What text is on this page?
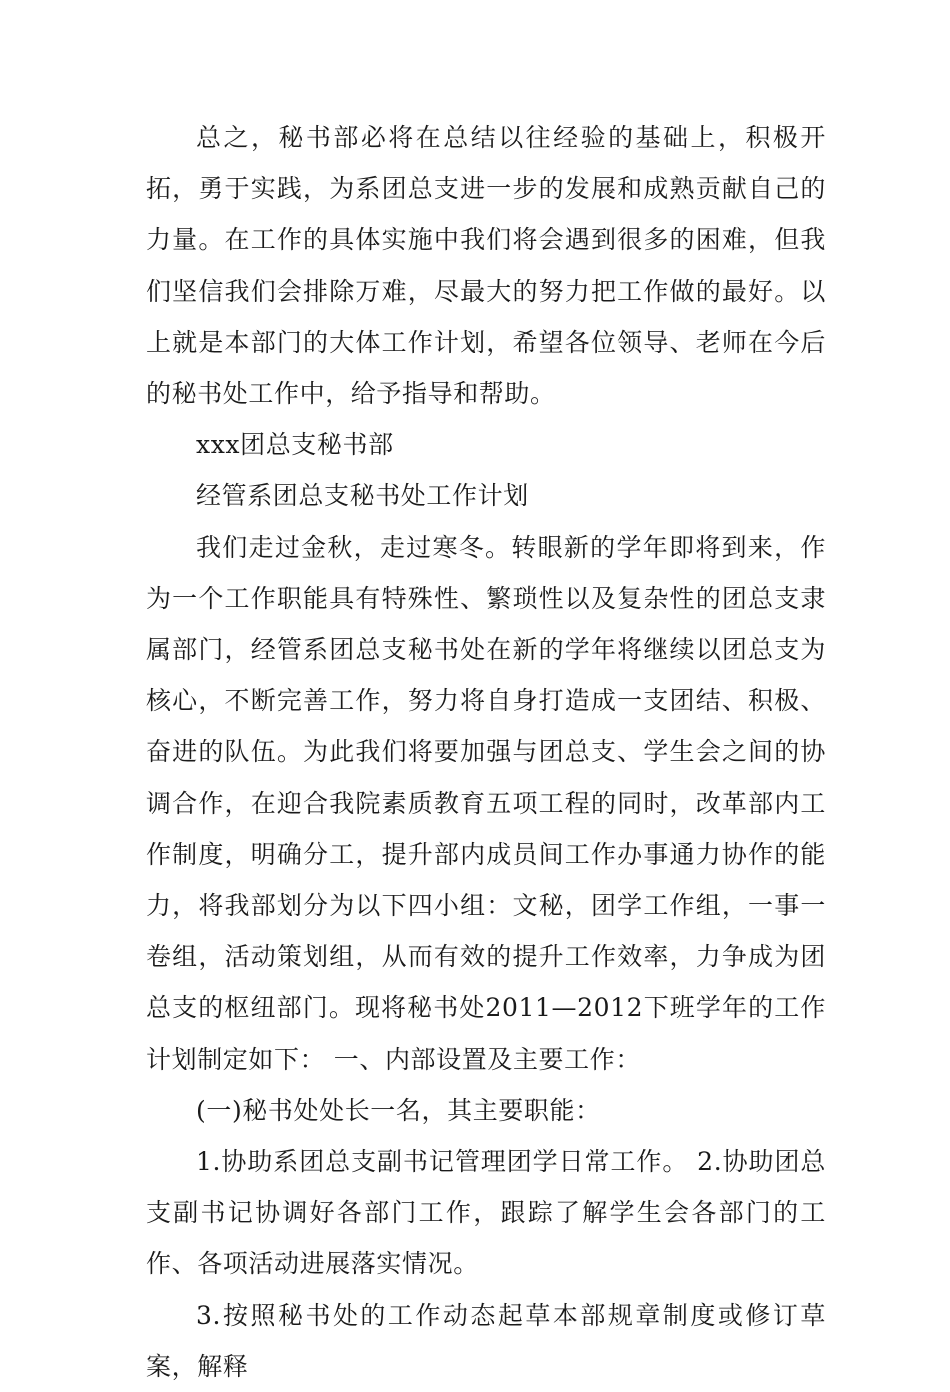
总之，秘书部必将在总结以往经验的基础上，积极开拓，勇于实践，为系团总支进一步的发展和成熟贡献自己的力量。在工作的具体实施中我们将会遇到很多的困难，但我们坚信我们会排除万难，尽最大的努力把工作做的最好。以上就是本部门的大体工作计划，希望各位领导、老师在今后的秘书处工作中，给予指导和帮助。

xxx团总支秘书部

经管系团总支秘书处工作计划

我们走过金秋，走过寒冬。转眼新的学年即将到来，作为一个工作职能具有特殊性、繁琐性以及复杂性的团总支隶属部门，经管系团总支秘书处在新的学年将继续以团总支为核心，不断完善工作，努力将自身打造成一支团结、积极、奋进的队伍。为此我们将要加强与团总支、学生会之间的协调合作，在迎合我院素质教育五项工程的同时，改革部内工作制度，明确分工，提升部内成员间工作办事通力协作的能力，将我部划分为以下四小组：文秘，团学工作组，一事一卷组，活动策划组，从而有效的提升工作效率，力争成为团总支的枢纽部门。现将秘书处2011—2012下班学年的工作计划制定如下： 一、内部设置及主要工作：

(一)秘书处处长一名，其主要职能：

1.协助系团总支副书记管理团学日常工作。 2.协助团总支副书记协调好各部门工作，跟踪了解学生会各部门的工作、各项活动进展落实情况。

3.按照秘书处的工作动态起草本部规章制度或修订草案，解释
